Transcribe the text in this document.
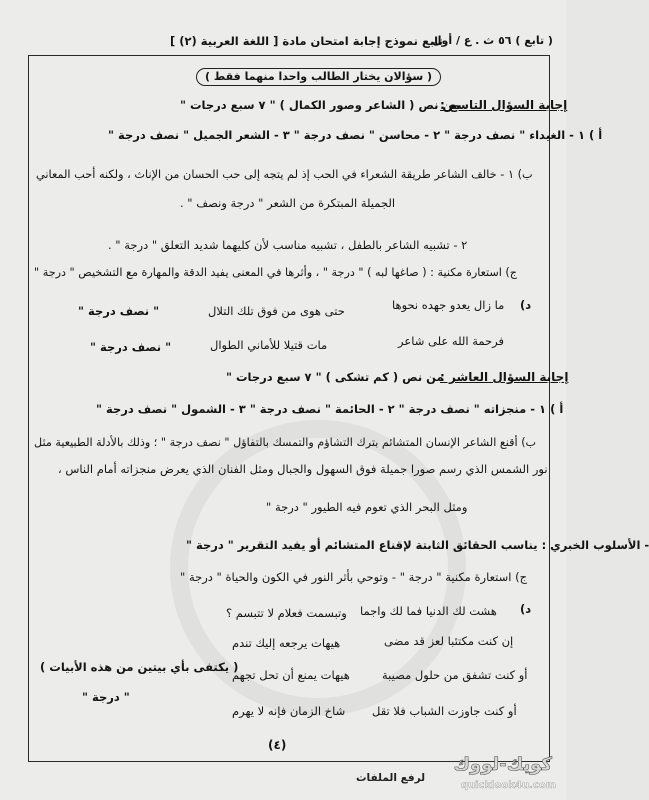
( تابع ) ٥٦ ث . ع / أول
تابع نموذج إجابة امتحان مادة [ اللغة العربية (٢) ]
( سؤالان يختار الطالب واحدا منهما فقط )
إجابة السؤال التاسع :
من نص ( الشاعر وصور الكمال ) " ٧ سبع درجات "
أ ) ١ - الغيداء " نصف درجة " ٢ - محاسن " نصف درجة " ٣ - الشعر الجميل " نصف درجة "
ب) ١ - خالف الشاعر طريقة الشعراء في الحب إذ لم يتجه إلى حب الحسان من الإناث ، ولكنه أحب المعاني
الجميلة المبتكرة من الشعر " درجة ونصف " .
٢ - تشبيه الشاعر بالطفل ، تشبيه مناسب لأن كليهما شديد التعلق " درجة " .
ج) استعارة مكنية : ( صاغها لبه ) " درجة " ، وأثرها في المعنى يفيد الدقة والمهارة مع التشخيص " درجة "
د)
ما زال يعدو جهده نحوها
حتى هوى من فوق تلك التلال
" نصف درجة "
فرحمة الله على شاعر
مات قتيلا للأماني الطوال
" نصف درجة "
إجابة السؤال العاشر :
من نص ( كم تشكى ) " ٧ سبع درجات "
أ ) ١ - منجزاته " نصف درجة " ٢ - الحائمة " نصف درجة " ٣ - الشمول " نصف درجة "
ب) أقنع الشاعر الإنسان المتشائم بترك التشاؤم والتمسك بالتفاؤل " نصف درجة " ؛ وذلك بالأدلة الطبيعية مثل
نور الشمس الذي رسم صورا جميلة فوق السهول والجبال ومثل الفنان الذي يعرض منجزاته أمام الناس ،
ومثل البحر الذي تعوم فيه الطيور " درجة "
- الأسلوب الخبري : يناسب الحقائق الثابتة لإقناع المتشائم أو يفيد التقرير " درجة "
ج) استعارة مكنية " درجة " - وتوحي بأثر النور في الكون والحياة " درجة "
د)
هشت لك الدنيا فما لك واجما
وتبسمت فعلام لا تتبسم ؟
إن كنت مكتئبا لعز قد مضى
هيهات يرجعه إليك تندم
أو كنت تشفق من حلول مصيبة
هيهات يمنع أن تحل تجهم
أو كنت جاوزت الشباب فلا تقل
شاخ الزمان فإنه لا يهرم
( يكتفى بأي بيتين من هذه الأبيات )
" درجة "
(٤)
لرفع الملفات
كويك-لووك
quicklook4u.com
